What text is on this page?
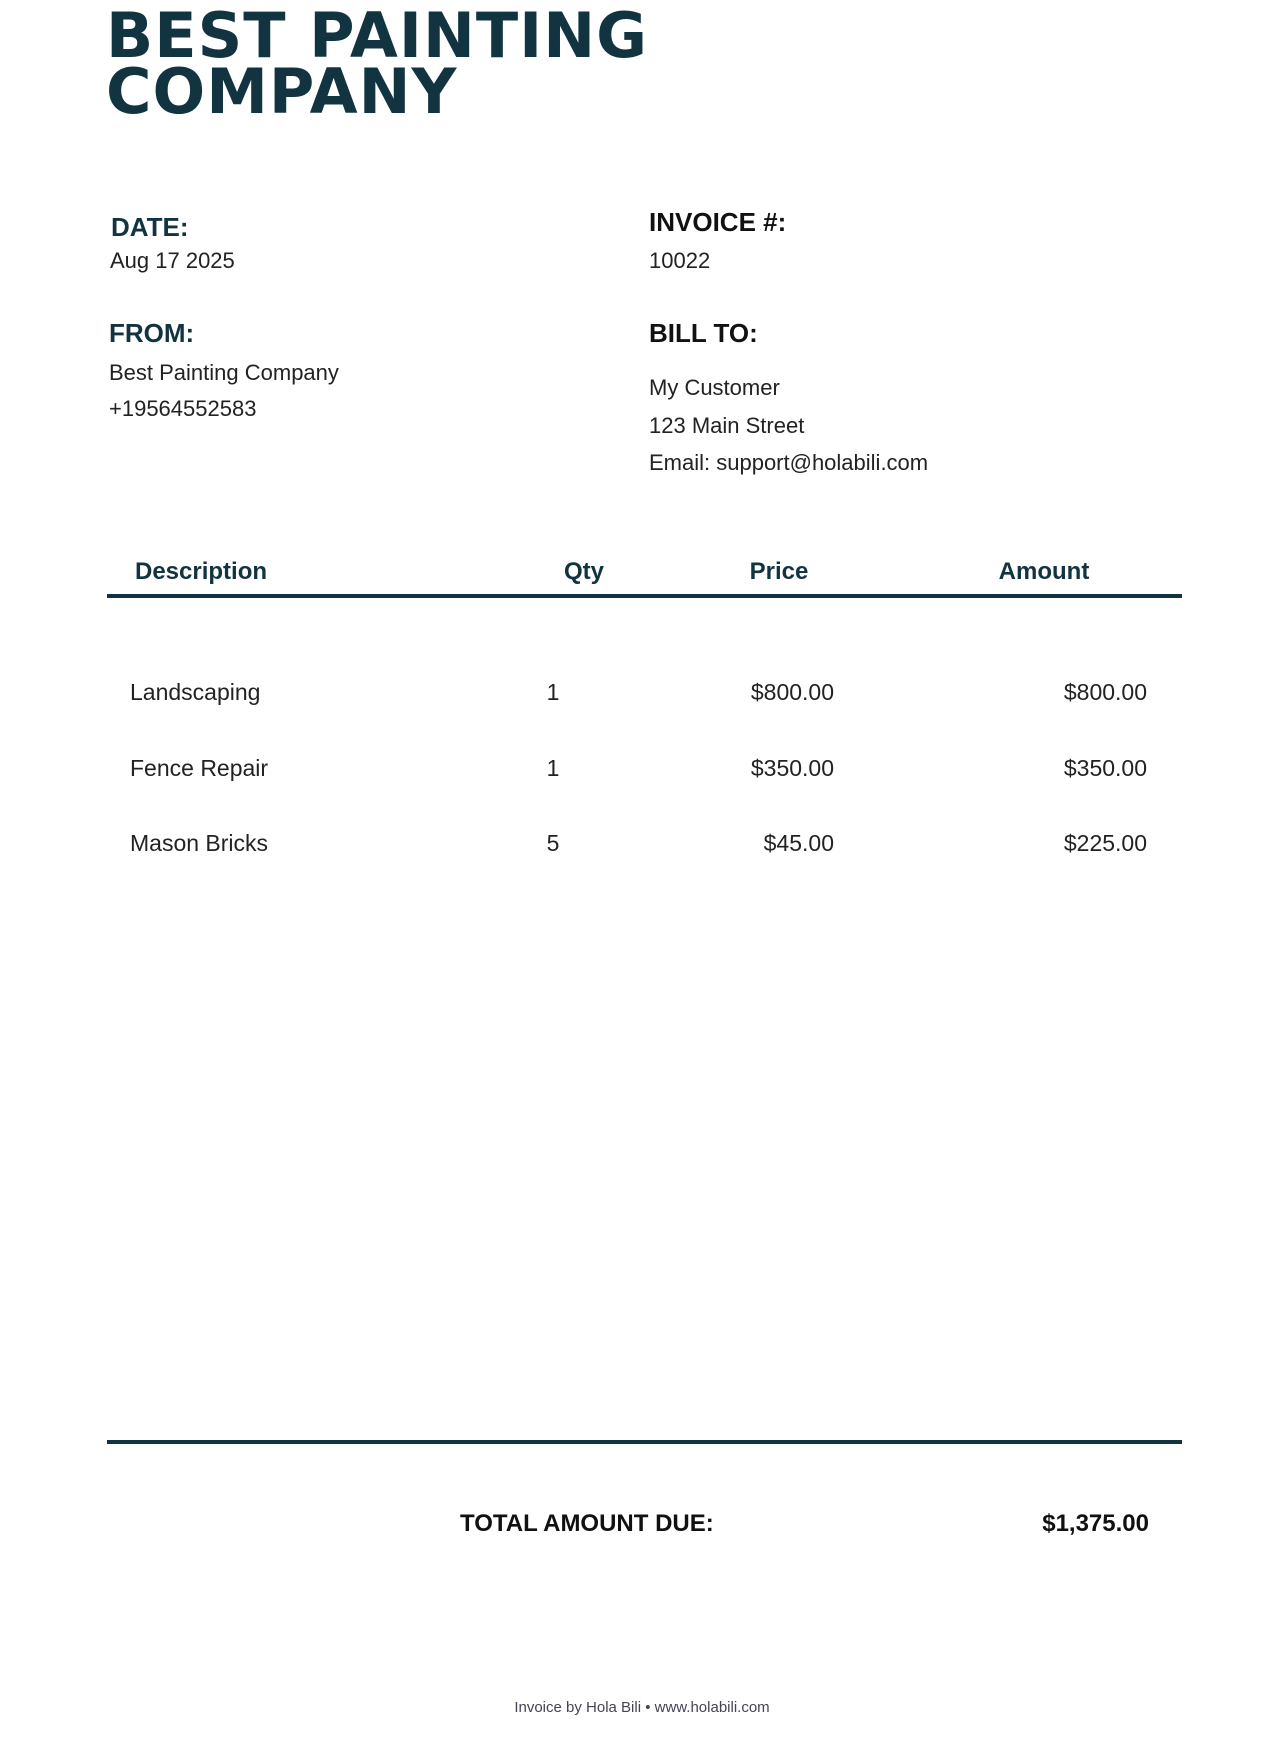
BEST PAINTING
COMPANY
DATE:
Aug 17 2025
INVOICE #:
10022
FROM:
Best Painting Company
+19564552583
BILL TO:
My Customer
123 Main Street
Email: support@holabili.com
Description	Qty	Price	Amount
Landscaping	1	$800.00	$800.00
Fence Repair	1	$350.00	$350.00
Mason Bricks	5	$45.00	$225.00
TOTAL AMOUNT DUE:	$1,375.00
Invoice by Hola Bili • www.holabili.com
